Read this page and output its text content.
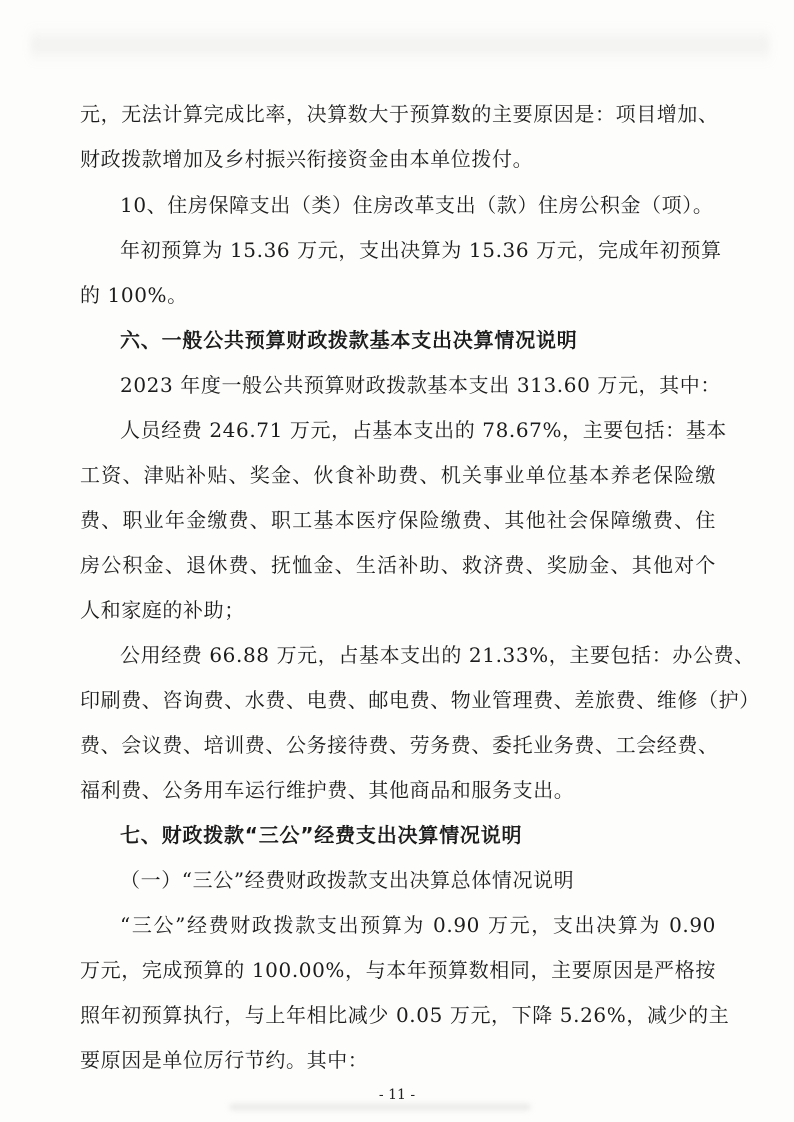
元，无法计算完成比率，决算数大于预算数的主要原因是：项目增加、
财政拨款增加及乡村振兴衔接资金由本单位拨付。
10、住房保障支出（类）住房改革支出（款）住房公积金（项）。
年初预算为 15.36 万元，支出决算为 15.36 万元，完成年初预算
的 100%。
六、一般公共预算财政拨款基本支出决算情况说明
2023 年度一般公共预算财政拨款基本支出 313.60 万元，其中：
人员经费 246.71 万元，占基本支出的 78.67%，主要包括：基本
工资、津贴补贴、奖金、伙食补助费、机关事业单位基本养老保险缴
费、职业年金缴费、职工基本医疗保险缴费、其他社会保障缴费、住
房公积金、退休费、抚恤金、生活补助、救济费、奖励金、其他对个
人和家庭的补助；
公用经费 66.88 万元，占基本支出的 21.33%，主要包括：办公费、
印刷费、咨询费、水费、电费、邮电费、物业管理费、差旅费、维修（护）
费、会议费、培训费、公务接待费、劳务费、委托业务费、工会经费、
福利费、公务用车运行维护费、其他商品和服务支出。
七、财政拨款“三公”经费支出决算情况说明
（一）“三公”经费财政拨款支出决算总体情况说明
“三公”经费财政拨款支出预算为 0.90 万元，支出决算为 0.90
万元，完成预算的 100.00%，与本年预算数相同，主要原因是严格按
照年初预算执行，与上年相比减少 0.05 万元，下降 5.26%，减少的主
要原因是单位厉行节约。其中：
- 11 -
